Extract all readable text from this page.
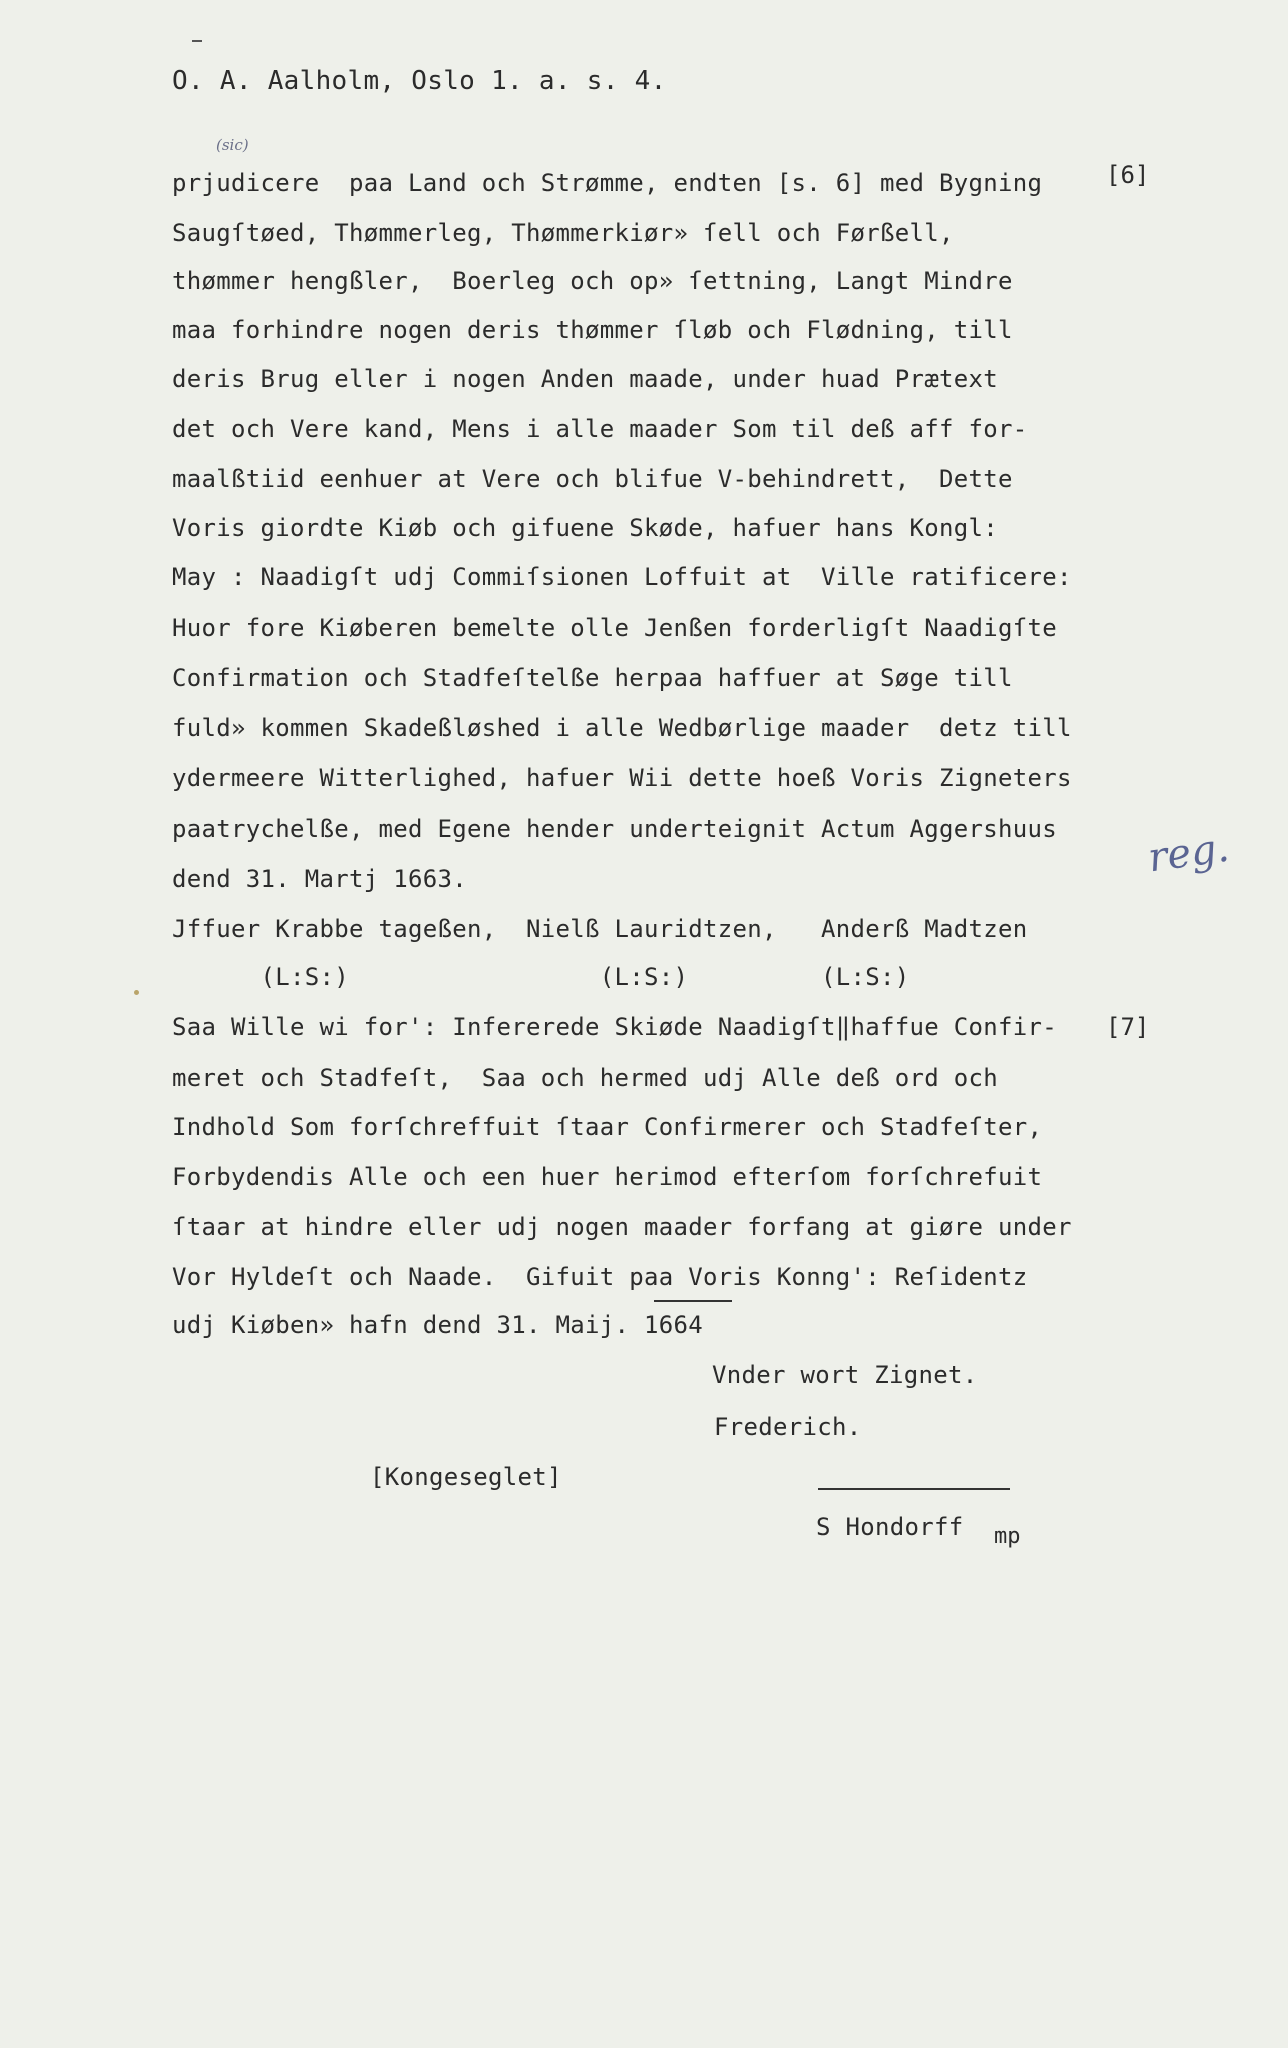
O. A. Aalholm, Oslo 1. a. s. 4.
(sic)
[6]
[7]
reg.
prjudicere  paa Land och Strømme, endten [s. 6] med Bygning
Saugſtøed, Thømmerleg, Thømmerkiør» ſell och Førßell,
thømmer hengßler,  Boerleg och op» ſettning, Langt Mindre
maa forhindre nogen deris thømmer ſløb och Flødning, till
deris Brug eller i nogen Anden maade, under huad Prætext
det och Vere kand, Mens i alle maader Som til deß aff for-
maalßtiid eenhuer at Vere och blifue V-behindrett,  Dette
Voris giordte Kiøb och gifuene Skøde, hafuer hans Kongl:
May : Naadigſt udj Commiſsionen Loffuit at  Ville ratificere:
Huor fore Kiøberen bemelte olle Jenßen forderligſt Naadigſte
Confirmation och Stadfeſtelße herpaa haffuer at Søge till
fuld» kommen Skadeßløshed i alle Wedbørlige maader  detz till
ydermeere Witterlighed, hafuer Wii dette hoeß Voris Zigneters
paatrychelße, med Egene hender underteignit Actum Aggershuus
dend 31. Martj 1663.
Jffuer Krabbe tageßen,  Nielß Lauridtzen,   Anderß Madtzen
(L:S:)                 (L:S:)         (L:S:)
Saa Wille wi for': Infererede Skiøde Naadigſt‖haffue Confir-
meret och Stadfeſt,  Saa och hermed udj Alle deß ord och
Indhold Som forſchreffuit ſtaar Confirmerer och Stadfeſter,
Forbydendis Alle och een huer herimod efterſom forſchrefuit
ſtaar at hindre eller udj nogen maader forfang at giøre under
Vor Hyldeſt och Naade.  Gifuit paa Voris Konng': Reſidentz
udj Kiøben» hafn dend 31. Maij. 1664
Vnder wort Zignet.
Frederich.
[Kongeseglet]
S Hondorff mp
